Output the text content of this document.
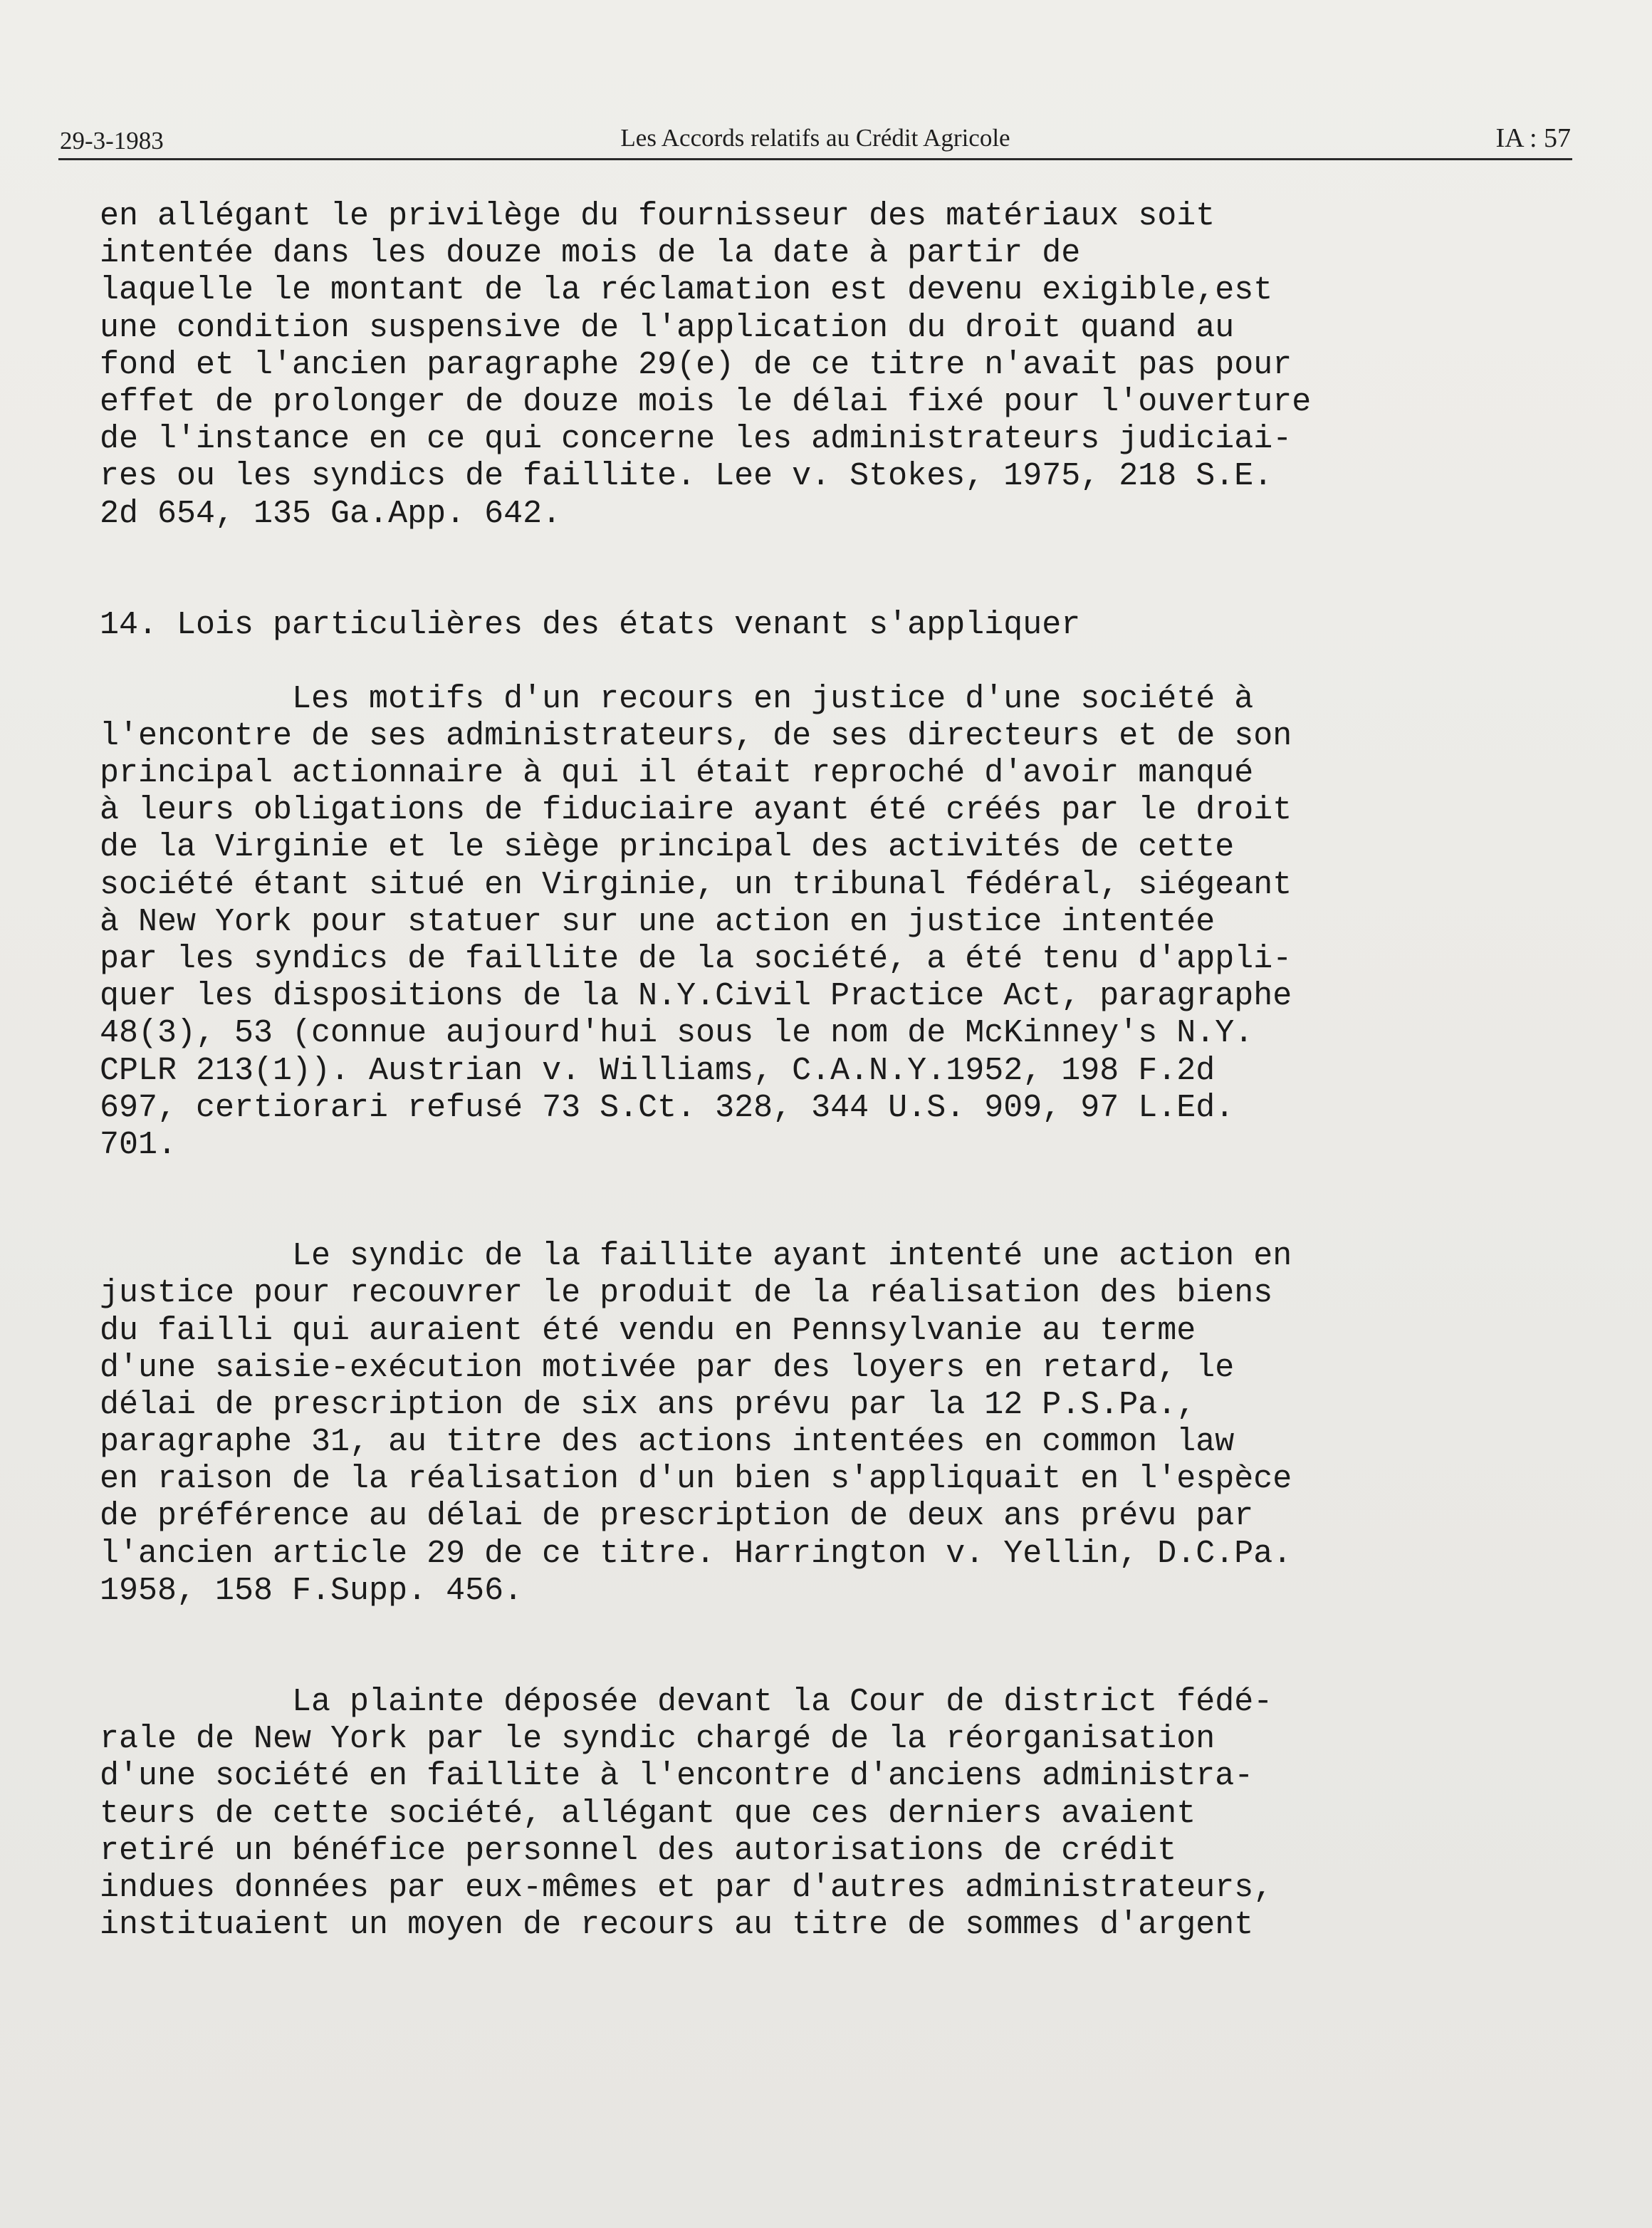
29-3-1983	Les Accords relatifs au Crédit Agricole	IA : 57
en allégant le privilège du fournisseur des matériaux soit
intentée dans les douze mois de la date à partir de
laquelle le montant de la réclamation est devenu exigible,est
une condition suspensive de l'application du droit quand au
fond et l'ancien paragraphe 29(e) de ce titre n'avait pas pour
effet de prolonger de douze mois le délai fixé pour l'ouverture
de l'instance en ce qui concerne les administrateurs judiciai-
res ou les syndics de faillite. Lee v. Stokes, 1975, 218 S.E.
2d 654, 135 Ga.App. 642.
14. Lois particulières des états venant s'appliquer
Les motifs d'un recours en justice d'une société à
l'encontre de ses administrateurs, de ses directeurs et de son
principal actionnaire à qui il était reproché d'avoir manqué
à leurs obligations de fiduciaire ayant été créés par le droit
de la Virginie et le siège principal des activités de cette
société étant situé en Virginie, un tribunal fédéral, siégeant
à New York pour statuer sur une action en justice intentée
par les syndics de faillite de la société, a été tenu d'appli-
quer les dispositions de la N.Y.Civil Practice Act, paragraphe
48(3), 53 (connue aujourd'hui sous le nom de McKinney's N.Y.
CPLR 213(1)). Austrian v. Williams, C.A.N.Y.1952, 198 F.2d
697, certiorari refusé 73 S.Ct. 328, 344 U.S. 909, 97 L.Ed.
701.
Le syndic de la faillite ayant intenté une action en
justice pour recouvrer le produit de la réalisation des biens
du failli qui auraient été vendu en Pennsylvanie au terme
d'une saisie-exécution motivée par des loyers en retard, le
délai de prescription de six ans prévu par la 12 P.S.Pa.,
paragraphe 31, au titre des actions intentées en common law
en raison de la réalisation d'un bien s'appliquait en l'espèce
de préférence au délai de prescription de deux ans prévu par
l'ancien article 29 de ce titre. Harrington v. Yellin, D.C.Pa.
1958, 158 F.Supp. 456.
La plainte déposée devant la Cour de district fédé-
rale de New York par le syndic chargé de la réorganisation
d'une société en faillite à l'encontre d'anciens administra-
teurs de cette société, allégant que ces derniers avaient
retiré un bénéfice personnel des autorisations de crédit
indues données par eux-mêmes et par d'autres administrateurs,
instituaient un moyen de recours au titre de sommes d'argent
